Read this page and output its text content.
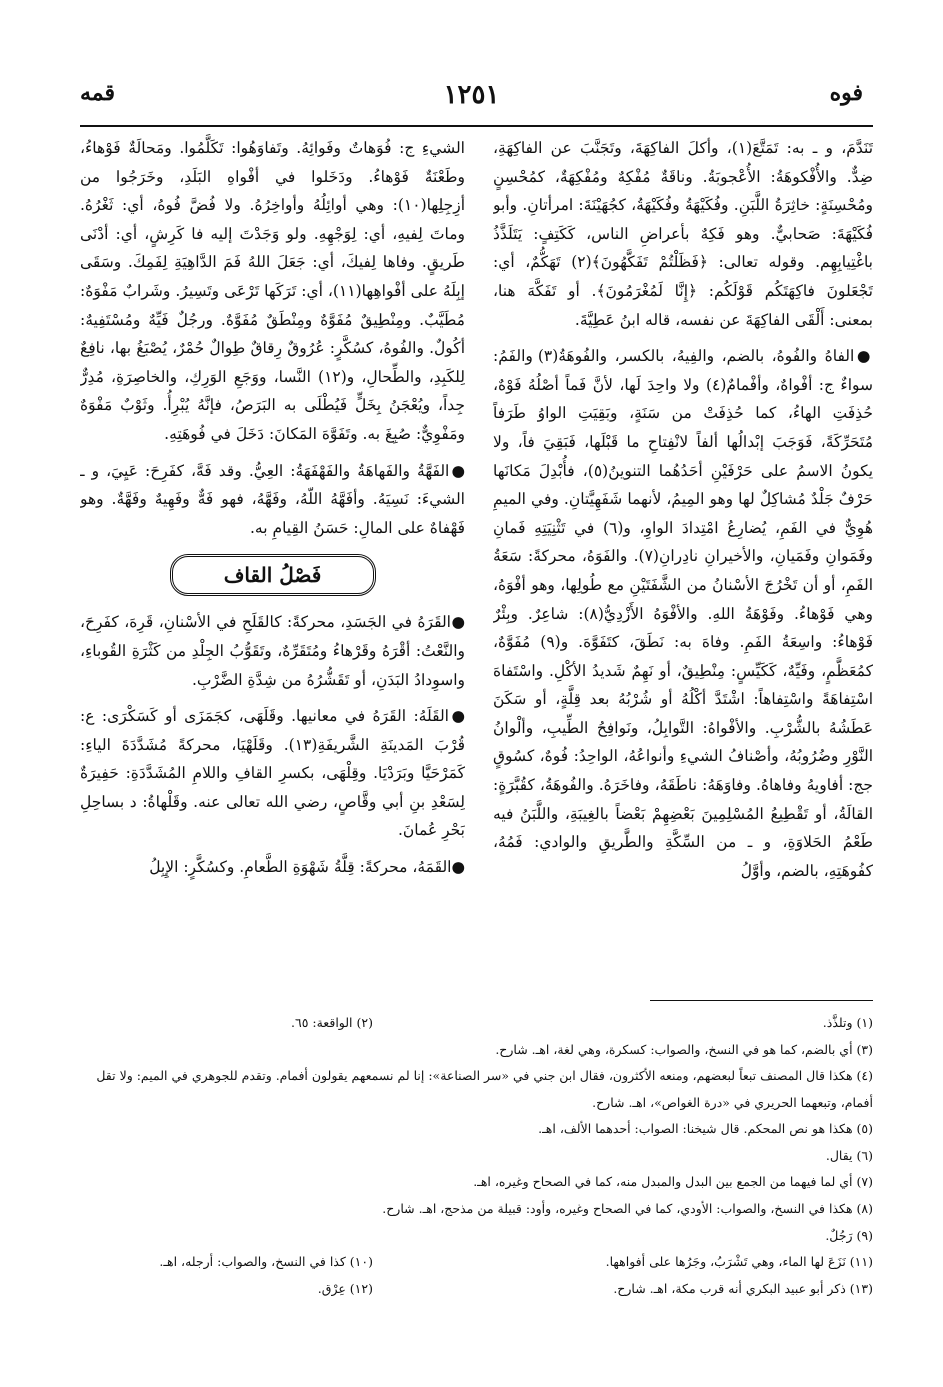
فوه
١٢٥١
قمه

تَنَدَّمَ، و ـ به: تَمَتَّعَ(١)، وأكلَ الفاكِهَةَ، وتَجَنَّبَ عن الفاكِهَةِ، ضِدٌّ. والأُفْكوهَةُ: الأُعْجوبَةُ. وناقَةٌ مُفْكِهٌ ومُفْكِهَةٌ، كمُحْسِنٍ ومُحْسِنَةٍ: خاثِرَةُ اللَّبَنِ. وفُكَيْهَةُ وفُكَيْهَةُ، كجُهَيْنَةَ: امرأتانِ. وأبو فُكَيْهَةَ: صَحابيٌّ. وهو فَكِهٌ بأعراضِ الناس، كَكَتِفٍ: يَتَلَذَّذُ باغْتِيابِهِم. وقوله تعالى: ﴿فَظَلْتُمْ تَفَكَّهُونَ﴾(٢) تَهَكُّمٌ، أي: تَجْعَلونَ فاكِهَتَكُم قَوْلَكُم: ﴿إِنَّا لَمُغْرَمُونَ﴾. أو تَفَكَّهَ هنا، بمعنى: أَلْقَى الفاكِهَةَ عن نفسه، قاله ابنُ عَطِيَّةَ.

●الفاهُ والفُوهُ، بالضم، والفِيهُ، بالكسر، والفُوهَةُ(٣) والفَمُ: سواءٌ ج: أفْواهٌ، وأفْمامٌ(٤) ولا واحِدَ لَها، لأنَّ فَماً أصْلُهُ فَوْهٌ، حُذِفَتِ الهاءُ، كما حُذِفَتْ من سَنَةٍ، وبَقِيَتِ الواوُ طَرَفاً مُتَحَرِّكَةً، فَوَجَبَ إبْدالُها ألفاً لانْفِتاحِ ما قَبْلَها، فَبَقِيَ فاً، ولا يكونُ الاسمُ على حَرْفَيْنِ أحَدُهُما التنوينُ(٥)، فأُبْدِلَ مَكانَها حَرْفٌ جَلْدٌ مُشاكِلٌ لها وهو المِيمُ، لأنهما شَفَهِيَّتانِ. وفي الميمِ هُوِيٌّ في الفَمِ، يُضارِعُ امْتِدادَ الواوِ، و(٦) في تَثْنِيَتِهِ فَمانِ وفَمَوانِ وفَمَيانِ، والأخيرانِ نادِرانِ(٧). والفَوَهُ، محركةً: سَعَةُ الفَمِ، أو أن تَخْرُجَ الأسْنانُ من الشَّفَتَيْنِ مع طُولِها، وهو أفْوَهُ، وهي فَوْهاءُ. وفَوْهَةُ اللهِ. والأفْوَهُ الأَزْدِيُّ(٨): شاعِرٌ. وبِئْرٌ فَوْهاءُ: واسِعَةُ الفَمِ. وفاهَ به: نَطَقَ، كتَفَوَّهَ. و(٩) مُفَوَّهٌ، كمُعَظَّمٍ، وفَيِّهٌ، كَكَيِّسٍ: مِنْطِيقٌ، أو نَهِمٌ شَديدُ الأكْلِ. واسْتَفاهَ اسْتِفاهَةً واسْتِفاهاً: اشْتَدَّ أكْلُهُ أو شُرْبُهُ بعد قِلَّةٍ، أو سَكَنَ عَطَشُهُ بالشُّرْبِ. والأفْواهُ: التَّوابِلُ، ونَوافِحُ الطِّيبِ، وألْوانُ النَّوْرِ وضُرُوبُهُ، وأصْنافُ الشيءِ وأنواعُهُ، الواحِدُ: فُوهٌ، كسُوقٍ جج: أفاويهُ وفاهاهُ. وفاوَهَهُ: ناطَقَهُ، وفاخَرَهُ. والفُوهَةُ، كقُبَّرَةٍ: القالَةُ، أو تَقْطِيعُ المُسْلِمِينَ بَعْضِهِمْ بَعْضاً بالغِيبَةِ، واللَّبَنُ فيه طَعْمُ الحَلاوَةِ، و ـ من السِّكَّةِ والطَّريقِ والوادي: فَمُهُ، كفُوهَتِهِ، بالضم، وأوَّلُ

الشيءِ ج: فُوَهاتٌ وفَوائِهُ. وتَفاوَهُوا: تَكَلَّمُوا. ومَحالَةٌ فَوْهاءُ، وطَعْنَةٌ فَوْهاءُ. ودَخَلوا في أفْواهِ البَلَدِ، وخَرَجُوا من أزِجِلِها(١٠): وهي أوائِلُهُ وأواخِرُهُ. ولا فُضَّ فُوهُ، أي: ثَغْرُهُ. وماتَ لِفيهِ، أي: لِوَجْهِهِ. ولو وَجَدْتَ إليه فا كَرِشٍ، أي: أدْنَى طَريقٍ. وفاها لِفيكَ، أي: جَعَلَ اللهُ فَمَ الدَّاهِيَةِ لِفَمِكَ. وسَقَى إبِلَهُ على أفْواهِها(١١)، أي: تَرَكَها تَرْعَى وتَسِيرُ. وشَرابٌ مَفْوَهٌ: مُطَيَّبٌ. ومِنْطِيقٌ مُفَوَّهٌ ومِنْطَقٌ مُفَوَّهٌ. ورجُلٌ فَيِّهٌ ومُسْتَفِيهٌ: أكُولٌ. والفُوهُ، كسُكَّرٍ: عُرُوقٌ رِقاقٌ طِوالٌ حُمْرٌ، يُصْبَغُ بها، نافِعٌ لِلكَبِدِ، والطِّحالِ، و(١٢) النَّسا، ووَجَعِ الوَرِكِ، والخاصِرَةِ، مُدِرٌّ جِداً، ويُعْجَنُ بِخَلٍّ فَيُطْلَى به البَرَصُ، فإنَّهُ يُبْرِأُ. وثَوْبٌ مَفْوَهٌ ومَفْوِيٌّ: صُبِغَ به. وتَفَوَّهَ المَكانَ: دَخَلَ في فُوهَتِهِ.

●الفَهَّةُ والفَهاهَةُ والفَهْفَهَةُ: العِيُّ. وقد فَهَّ، كفَرِحَ: عَيِيَ، و ـ الشيءَ: نَسِيَهُ. وأفَهَّهُ اللّهُ، وفَهَّهُ، فهو فَهٌّ وفَهِيهٌ وفَهَّةٌ. وهو فَهْفاهٌ على المالِ: حَسَنُ القِيامِ به.

فَصْلُ القاف

●القَرَهُ في الجَسَدِ، محركةً: كالقَلَحِ في الأسْنانِ، قَرِهَ، كفَرِحَ، والنَّعْتُ: أقْرَهُ وقَرْهاءُ ومُتَقَرِّهٌ، وتَقَوُّبُ الجِلْدِ من كَثْرَةِ القُوباءِ، واسوِدادُ البَدَنِ، أو تَقَشُّرُهُ من شِدَّةِ الضَّرْبِ.

●القَلَهُ: القَرَهُ في معانيها. وقَلَهَى، كجَمَزَى أو كَسَكْرَى: ع: قُرْبَ المَدينَةِ الشَّريفَةِ(١٣). وقَلَهْيَا، محركةً مُشَدَّدَةَ الياءِ: كَمَرْحَيَّا وبَرَدْيَا. وقِلْهَى، بكسرِ القافِ واللامِ المُشَدَّدَةِ: حَفِيرَةٌ لِسَعْدِ بنِ أبي وقَّاصٍ، رضي الله تعالى عنه. وقَلْهاةُ: د بساحِلِ بَحْرِ عُمانَ.

●القَمَهُ، محركةً: قِلَّةُ شَهْوَةِ الطَّعامِ. وكسُكَّرٍ: الإِبِلُ

(١) وتلذَّذ.
(٢) الواقعة: ٦٥.
(٣) أي بالضم، كما هو في النسخ، والصواب: كسكرة، وهي لغة، اهـ. شارح.
(٤) هكذا قال المصنف تبعاً لبعضهم، ومنعه الأكثرون، فقال ابن جني في «سر الصناعة»: إنا لم نسمعهم يقولون أفمام. وتقدم للجوهري في الميم: ولا تقل أفمام، وتبعهما الحريري في «درة الغواص»، اهـ. شارح.
(٥) هكذا هو نص المحكم. قال شيخنا: الصواب: أحدهما الألف، اهـ.
(٦) يقال.
(٧) أي لما فيهما من الجمع بين البدل والمبدل منه، كما في الصحاح وغيره، اهـ.
(٨) هكذا في النسخ، والصواب: الأودي، كما في الصحاح وغيره، وأود: قبيلة من مذحج، اهـ. شارح.
(٩) رَجُلٌ.
(١١) نَزَعَ لها الماء، وهي تَشْرَبُ، وجَرُها على أفواهها.
(١٠) كذا في النسخ، والصواب: أرجله، اهـ.
(١٣) ذكر أبو عبيد البكري أنه قرب مكة، اهـ. شارح.
(١٢) عِرْق.
